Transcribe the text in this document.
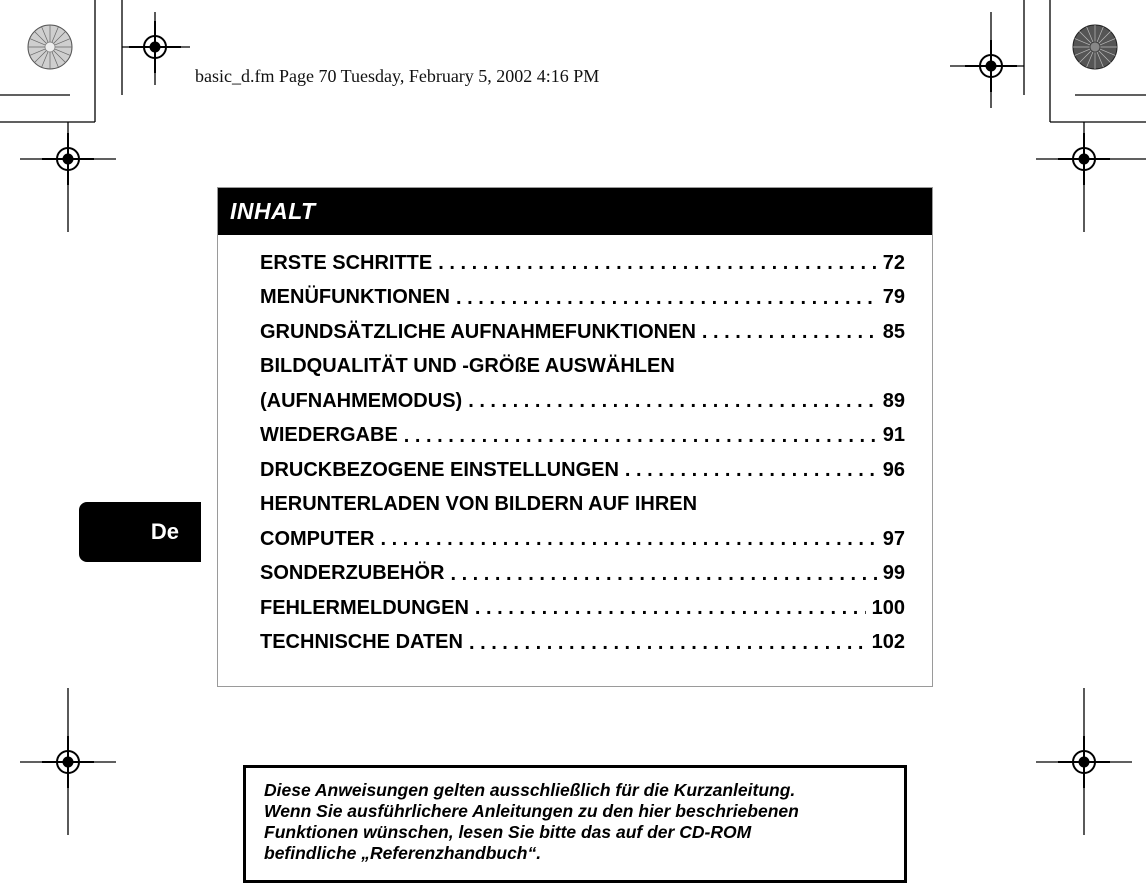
basic_d.fm Page 70 Tuesday, February 5, 2002 4:16 PM
INHALT
ERSTE SCHRITTE . . .	72
MENÜFUNKTIONEN . . .	79
GRUNDSÄTZLICHE AUFNAHMEFUNKTIONEN . . .	85
BILDQUALITÄT UND -GRÖßE AUSWÄHLEN
(AUFNAHMEMODUS) . . .	89
WIEDERGABE . . .	91
DRUCKBEZOGENE EINSTELLUNGEN . . .	96
HERUNTERLADEN VON BILDERN AUF IHREN
COMPUTER . . .	97
SONDERZUBEHÖR . . .	99
FEHLERMELDUNGEN . . .	100
TECHNISCHE DATEN . . .	102
De
Diese Anweisungen gelten ausschließlich für die Kurzanleitung.
Wenn Sie ausführlichere Anleitungen zu den hier beschriebenen
Funktionen wünschen, lesen Sie bitte das auf der CD-ROM
befindliche „Referenzhandbuch“.
